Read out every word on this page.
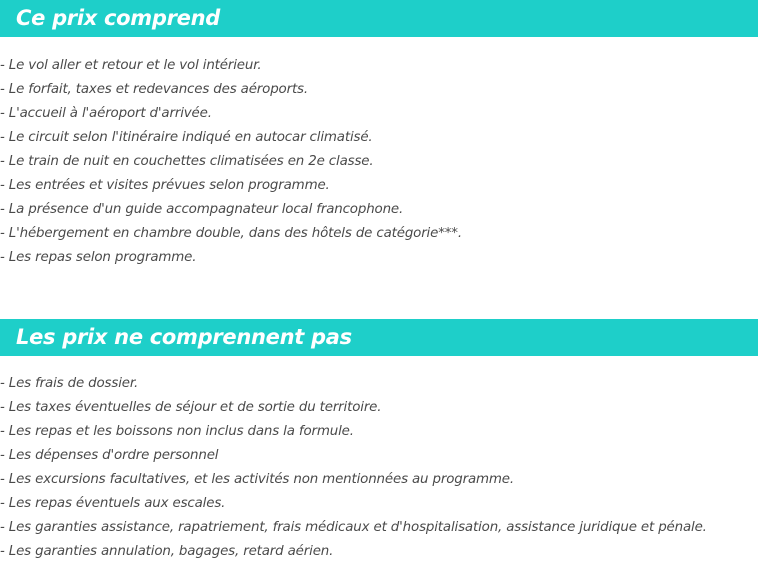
Ce prix comprend
- Le vol aller et retour et le vol intérieur.
- Le forfait, taxes et redevances des aéroports.
- L'accueil à l'aéroport d'arrivée.
- Le circuit selon l'itinéraire indiqué en autocar climatisé.
- Le train de nuit en couchettes climatisées en 2e classe.
- Les entrées et visites prévues selon programme.
- La présence d'un guide accompagnateur local francophone.
- L'hébergement en chambre double, dans des hôtels de catégorie***.
- Les repas selon programme.
Les prix ne comprennent pas
- Les frais de dossier.
- Les taxes éventuelles de séjour et de sortie du territoire.
- Les repas et les boissons non inclus dans la formule.
- Les dépenses d'ordre personnel
- Les excursions facultatives, et les activités non mentionnées au programme.
- Les repas éventuels aux escales.
- Les garanties assistance, rapatriement, frais médicaux et d'hospitalisation, assistance juridique et pénale.
- Les garanties annulation, bagages, retard aérien.
